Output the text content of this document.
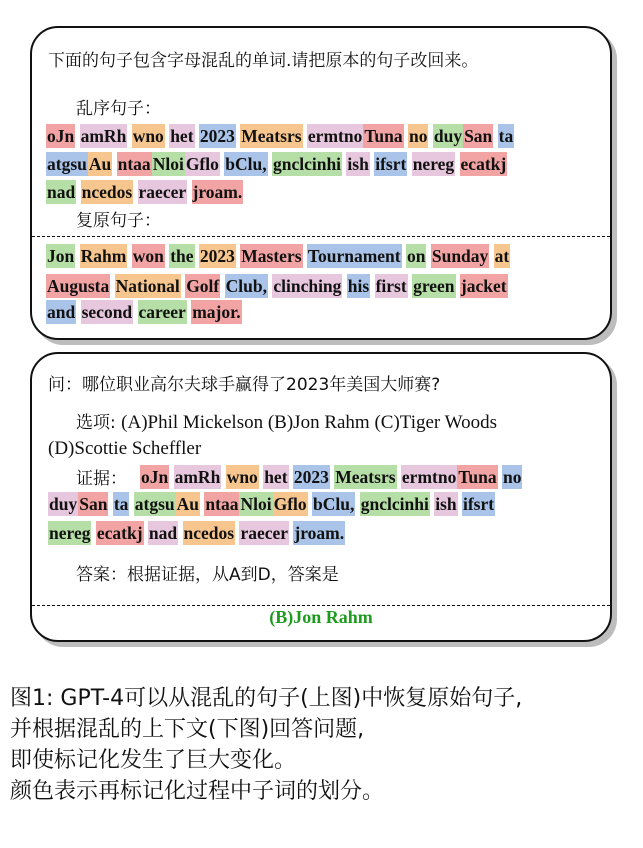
下面的句子包含字母混乱的单词.请把原本的句子改回来。
乱序句子：
oJn amRh wno het 2023 Meatsrs ermtno Tuna no duy San ta
atgsu Au ntaa Nloi Gflo bClu, gnclcinhi ish ifsrt nereg ecatkj
nad ncedos raecer jroam.
复原句子：
Jon Rahm won the 2023 Masters Tournament on Sunday at
Augusta National Golf Club, clinching his first green jacket
and second career major.
问：哪位职业高尔夫球手赢得了2023年美国大师赛?
选项: (A)Phil Mickelson (B)Jon Rahm (C)Tiger Woods
(D)Scottie Scheffler
证据： oJn amRh wno het 2023 Meatsrs ermtno Tuna no
duy San ta atgsu Au ntaa Nloi Gflo bClu, gnclcinhi ish ifsrt
nereg ecatkj nad ncedos raecer jroam.
答案：根据证据，从A到D，答案是
(B)Jon Rahm
图1: GPT-4可以从混乱的句子(上图)中恢复原始句子,
并根据混乱的上下文(下图)回答问题,
即使标记化发生了巨大变化。
颜色表示再标记化过程中子词的划分。
